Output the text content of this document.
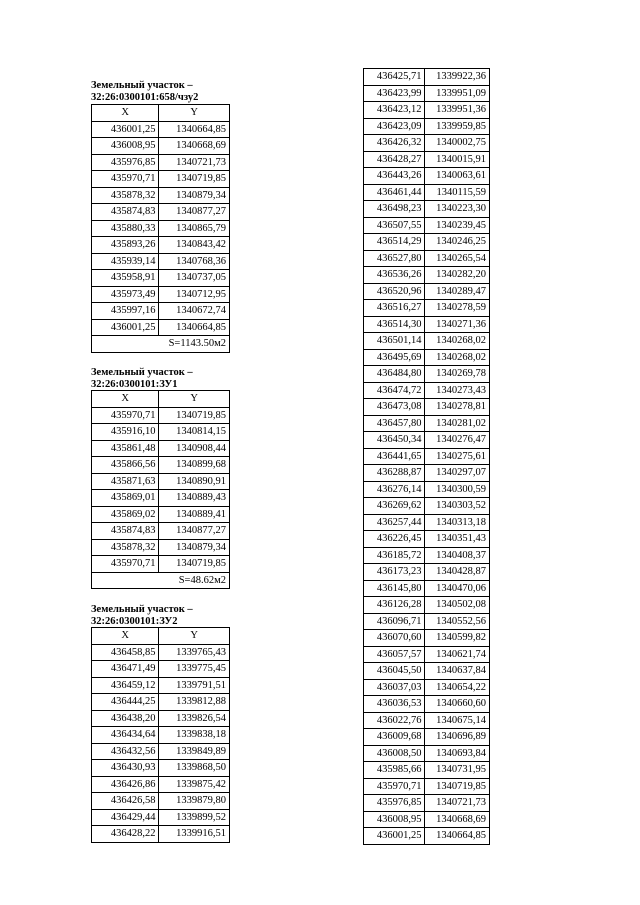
Земельный участок –
32:26:0300101:658/чзу2
X	Y
436001,25	1340664,85
436008,95	1340668,69
435976,85	1340721,73
435970,71	1340719,85
435878,32	1340879,34
435874,83	1340877,27
435880,33	1340865,79
435893,26	1340843,42
435939,14	1340768,36
435958,91	1340737,05
435973,49	1340712,95
435997,16	1340672,74
436001,25	1340664,85
S=1143.50м2	
Земельный участок –
32:26:0300101:ЗУ1
X	Y
435970,71	1340719,85
435916,10	1340814,15
435861,48	1340908,44
435866,56	1340899,68
435871,63	1340890,91
435869,01	1340889,43
435869,02	1340889,41
435874,83	1340877,27
435878,32	1340879,34
435970,71	1340719,85
S=48.62м2	
Земельный участок –
32:26:0300101:ЗУ2
X	Y
436458,85	1339765,43
436471,49	1339775,45
436459,12	1339791,51
436444,25	1339812,88
436438,20	1339826,54
436434,64	1339838,18
436432,56	1339849,89
436430,93	1339868,50
436426,86	1339875,42
436426,58	1339879,80
436429,44	1339899,52
436428,22	1339916,51
436425,71	1339922,36
436423,99	1339951,09
436423,12	1339951,36
436423,09	1339959,85
436426,32	1340002,75
436428,27	1340015,91
436443,26	1340063,61
436461,44	1340115,59
436498,23	1340223,30
436507,55	1340239,45
436514,29	1340246,25
436527,80	1340265,54
436536,26	1340282,20
436520,96	1340289,47
436516,27	1340278,59
436514,30	1340271,36
436501,14	1340268,02
436495,69	1340268,02
436484,80	1340269,78
436474,72	1340273,43
436473,08	1340278,81
436457,80	1340281,02
436450,34	1340276,47
436441,65	1340275,61
436288,87	1340297,07
436276,14	1340300,59
436269,62	1340303,52
436257,44	1340313,18
436226,45	1340351,43
436185,72	1340408,37
436173,23	1340428,87
436145,80	1340470,06
436126,28	1340502,08
436096,71	1340552,56
436070,60	1340599,82
436057,57	1340621,74
436045,50	1340637,84
436037,03	1340654,22
436036,53	1340660,60
436022,76	1340675,14
436009,68	1340696,89
436008,50	1340693,84
435985,66	1340731,95
435970,71	1340719,85
435976,85	1340721,73
436008,95	1340668,69
436001,25	1340664,85
